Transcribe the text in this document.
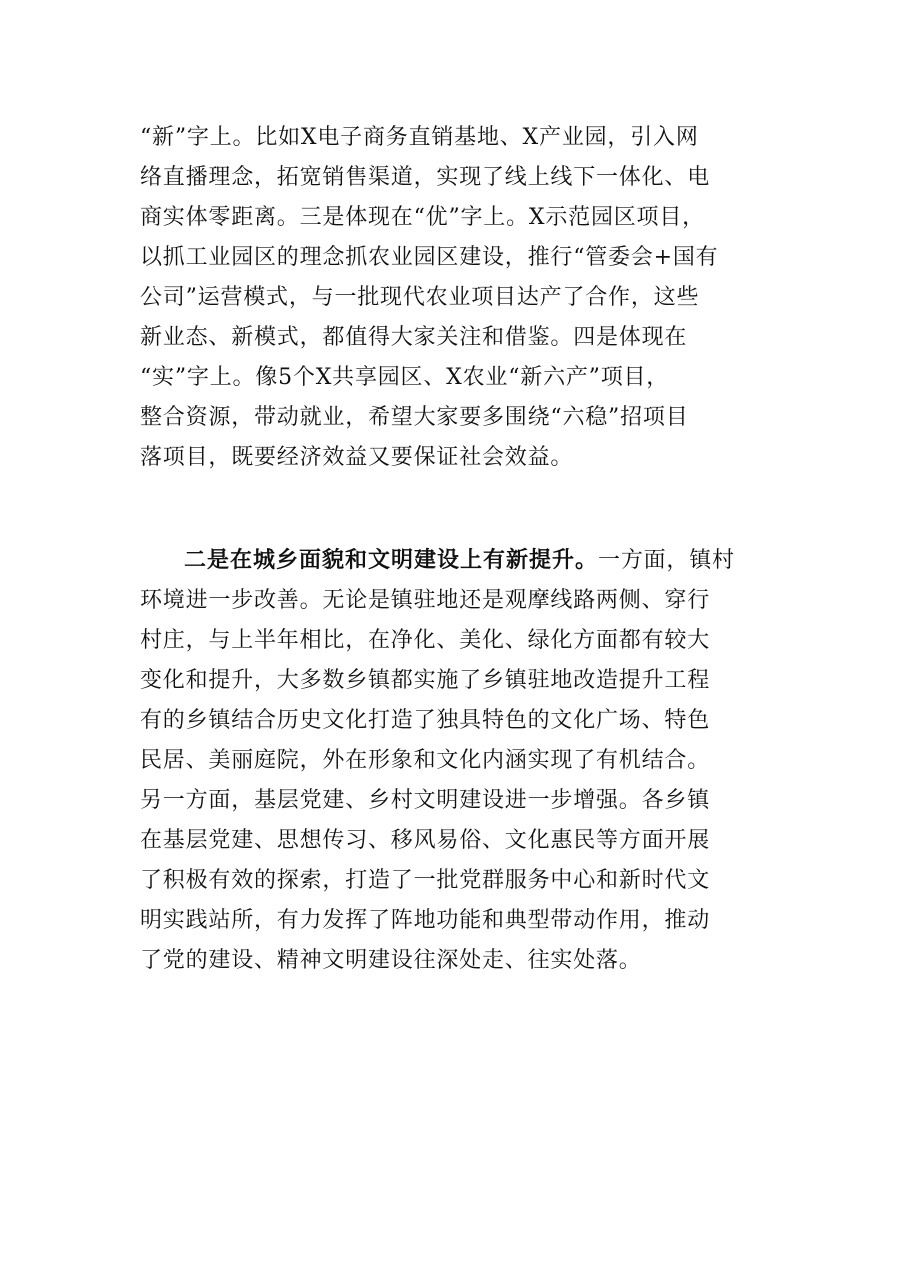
“新”字上。比如X电子商务直销基地、X产业园，引入网
络直播理念，拓宽销售渠道，实现了线上线下一体化、电
商实体零距离。三是体现在“优”字上。X示范园区项目，
以抓工业园区的理念抓农业园区建设，推行“管委会+国有
公司”运营模式，与一批现代农业项目达产了合作，这些
新业态、新模式，都值得大家关注和借鉴。四是体现在
“实”字上。像5个X共享园区、X农业“新六产”项目，
整合资源，带动就业，希望大家要多围绕“六稳”招项目
落项目，既要经济效益又要保证社会效益。
二是在城乡面貌和文明建设上有新提升。一方面，镇村
环境进一步改善。无论是镇驻地还是观摩线路两侧、穿行
村庄，与上半年相比，在净化、美化、绿化方面都有较大
变化和提升，大多数乡镇都实施了乡镇驻地改造提升工程
有的乡镇结合历史文化打造了独具特色的文化广场、特色
民居、美丽庭院，外在形象和文化内涵实现了有机结合。
另一方面，基层党建、乡村文明建设进一步增强。各乡镇
在基层党建、思想传习、移风易俗、文化惠民等方面开展
了积极有效的探索，打造了一批党群服务中心和新时代文
明实践站所，有力发挥了阵地功能和典型带动作用，推动
了党的建设、精神文明建设往深处走、往实处落。
